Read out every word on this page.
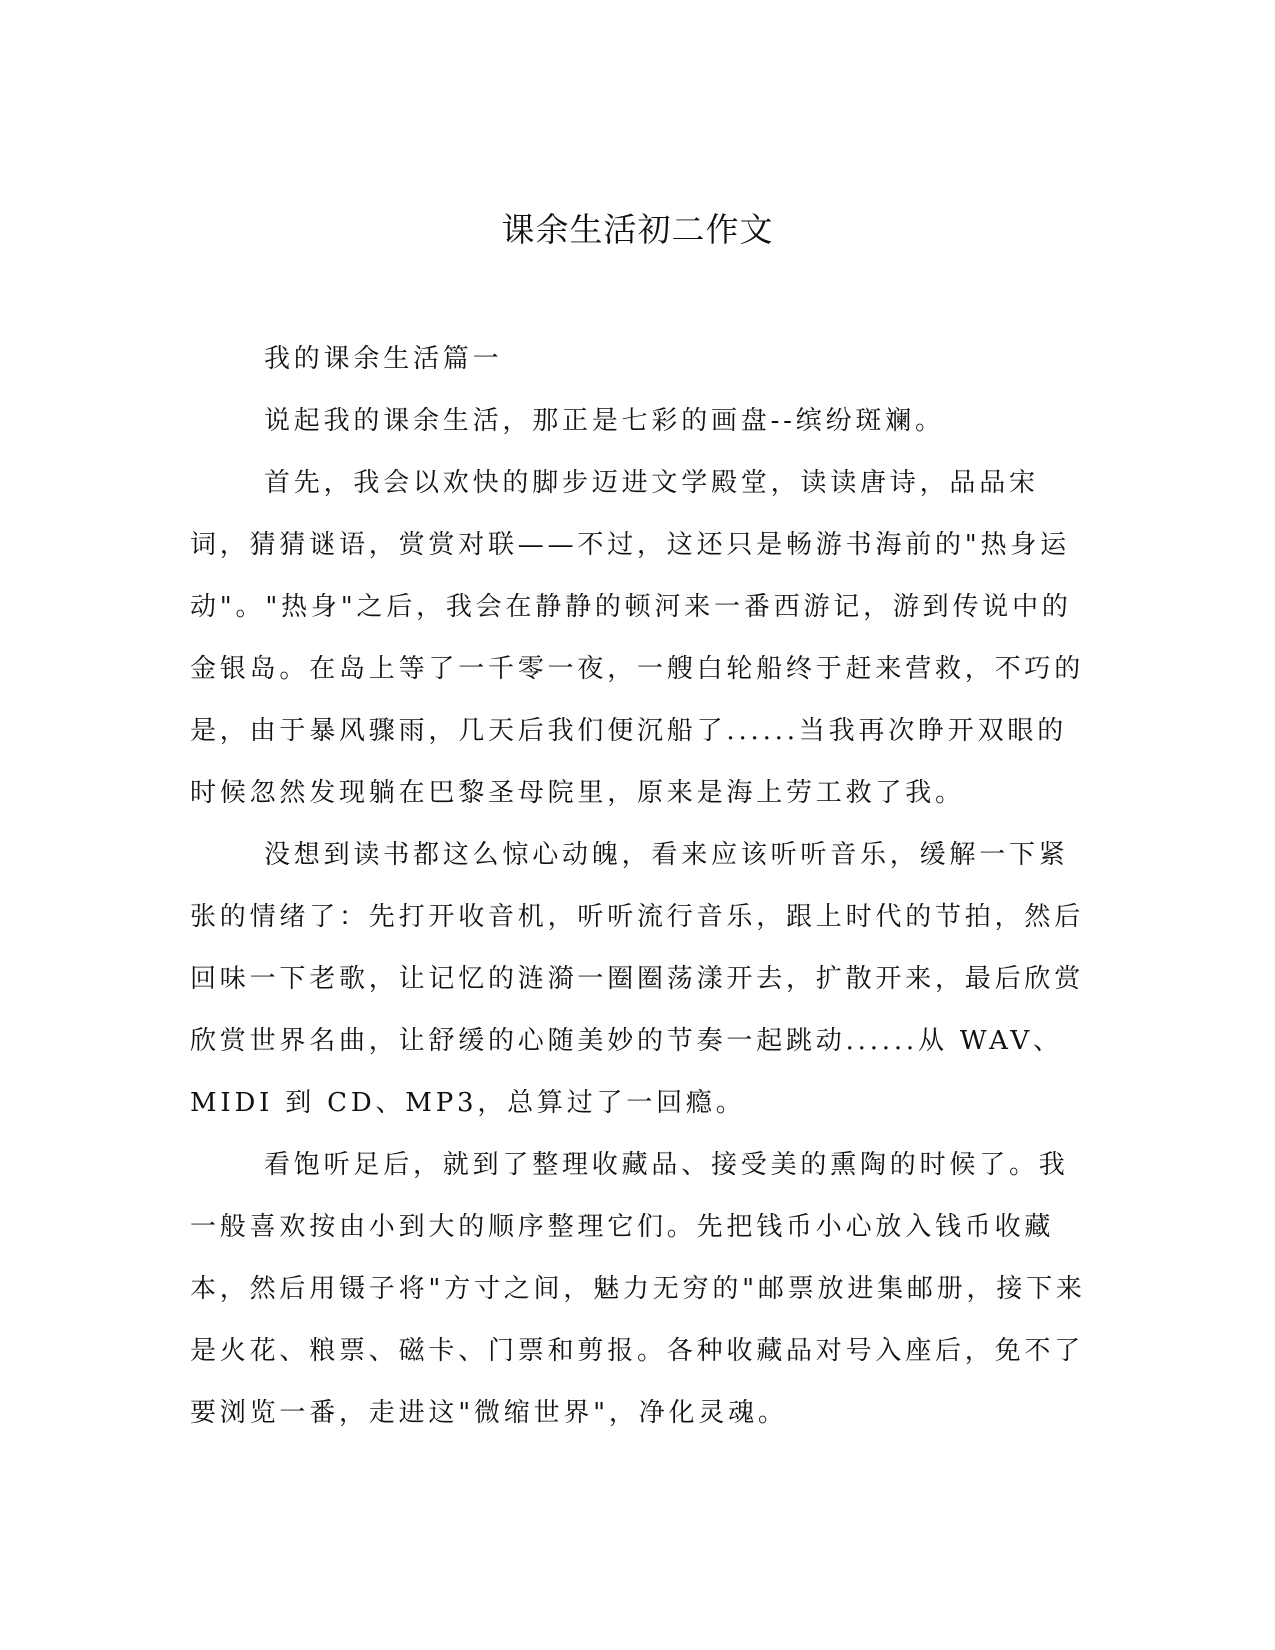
课余生活初二作文

我的课余生活篇一

说起我的课余生活，那正是七彩的画盘--缤纷斑斓。

首先，我会以欢快的脚步迈进文学殿堂，读读唐诗，品品宋词，猜猜谜语，赏赏对联——不过，这还只是畅游书海前的"热身运动"。"热身"之后，我会在静静的顿河来一番西游记，游到传说中的金银岛。在岛上等了一千零一夜，一艘白轮船终于赶来营救，不巧的是，由于暴风骤雨，几天后我们便沉船了......当我再次睁开双眼的时候忽然发现躺在巴黎圣母院里，原来是海上劳工救了我。

没想到读书都这么惊心动魄，看来应该听听音乐，缓解一下紧张的情绪了：先打开收音机，听听流行音乐，跟上时代的节拍，然后回味一下老歌，让记忆的涟漪一圈圈荡漾开去，扩散开来，最后欣赏欣赏世界名曲，让舒缓的心随美妙的节奏一起跳动......从 WAV、MIDI 到 CD、MP3，总算过了一回瘾。

看饱听足后，就到了整理收藏品、接受美的熏陶的时候了。我一般喜欢按由小到大的顺序整理它们。先把钱币小心放入钱币收藏本，然后用镊子将"方寸之间，魅力无穷的"邮票放进集邮册，接下来是火花、粮票、磁卡、门票和剪报。各种收藏品对号入座后，免不了要浏览一番，走进这"微缩世界"，净化灵魂。
